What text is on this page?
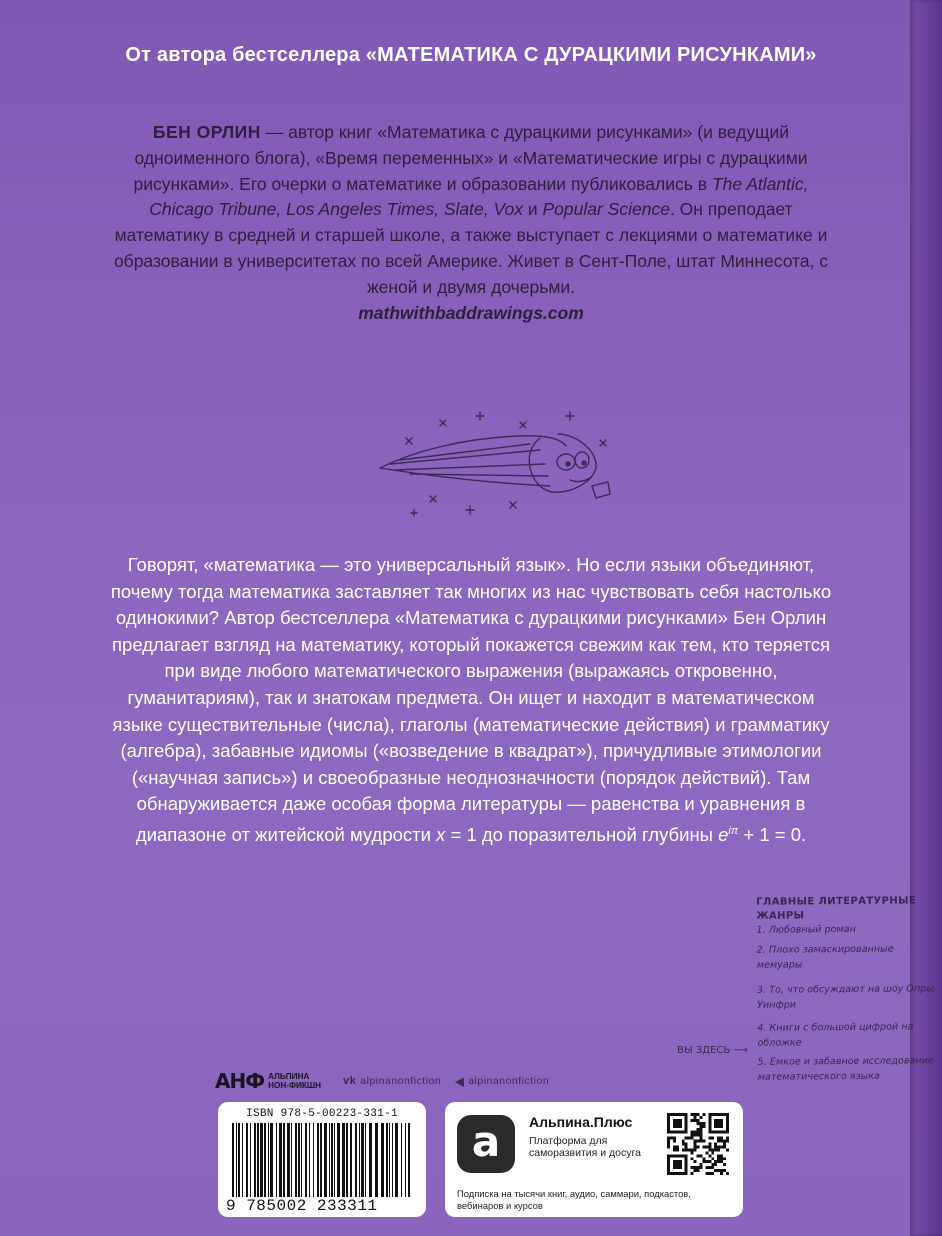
От автора бестселлера «МАТЕМАТИКА С ДУРАЦКИМИ РИСУНКАМИ»
БЕН ОРЛИН — автор книг «Математика с дурацкими рисунками» (и ведущий одноименного блога), «Время переменных» и «Математические игры с дурацкими рисунками». Его очерки о математике и образовании публиковались в The Atlantic, Chicago Tribune, Los Angeles Times, Slate, Vox и Popular Science. Он преподает математику в средней и старшей школе, а также выступает с лекциями о математике и образовании в университетах по всей Америке. Живет в Сент-Поле, штат Миннесота, с женой и двумя дочерьми.
mathwithbaddrawings.com
Говорят, «математика — это универсальный язык». Но если языки объединяют, почему тогда математика заставляет так многих из нас чувствовать себя настолько одинокими? Автор бестселлера «Математика с дурацкими рисунками» Бен Орлин предлагает взгляд на математику, который покажется свежим как тем, кто теряется при виде любого математического выражения (выражаясь откровенно, гуманитариям), так и знатокам предмета. Он ищет и находит в математическом языке существительные (числа), глаголы (математические действия) и грамматику (алгебра), забавные идиомы («возведение в квадрат»), причудливые этимологии («научная запись») и своеобразные неоднозначности (порядок действий). Там обнаруживается даже особая форма литературы — равенства и уравнения в диапазоне от житейской мудрости x = 1 до поразительной глубины $e^{i\pi} + 1 = 0$.
ГЛАВНЫЕ ЛИТЕРАТУРНЫЕ ЖАНРЫ
1. Любовный роман
2. Плохо замаскированные мемуары
3. То, что обсуждают на шоу Опры Уинфри
4. Книги с большой цифрой на обложке
5. Емкое и забавное исследование математического языка
ВЫ ЗДЕСЬ ⟶
АНФ АЛЬПИНА
НОН-ФИКШН vk alpinanonfiction ◀ alpinanonfiction
ISBN 978-5-00223-331-1
9 785002 233311
a	Альпина.Плюс
Платформа для саморазвития и досуга
Подписка на тысячи книг, аудио, саммари, подкастов, вебинаров и курсов
